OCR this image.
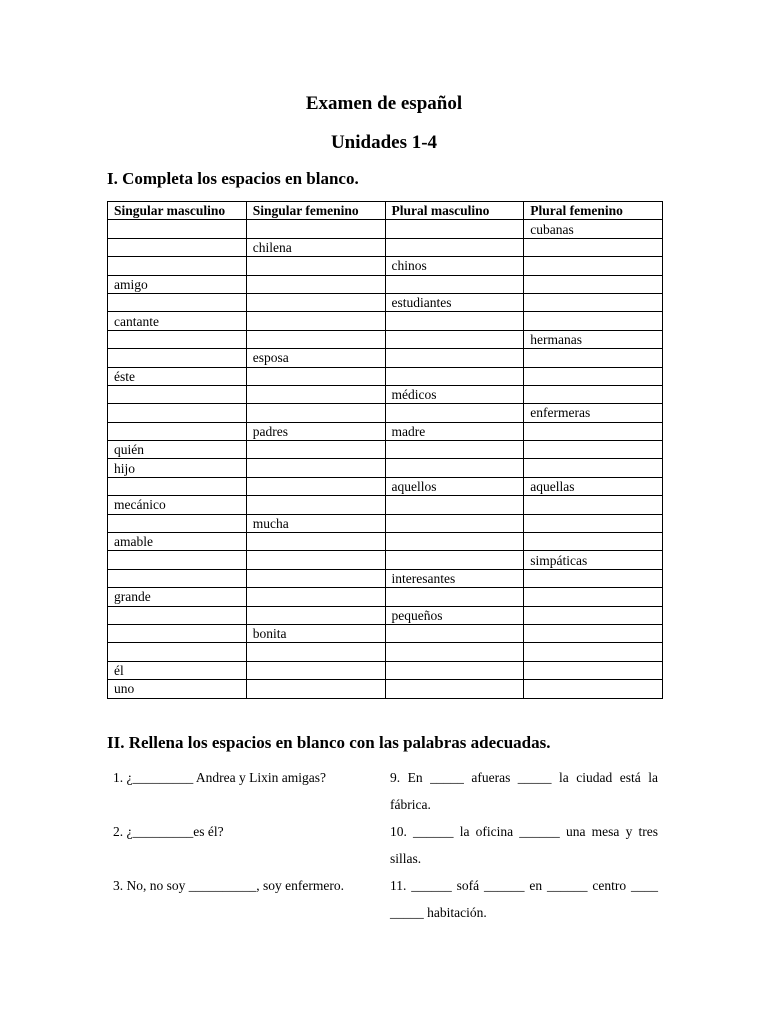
Examen de español
Unidades 1-4
I. Completa los espacios en blanco.
Singular masculino	Singular femenino	Plural masculino	Plural femenino
			cubanas
	chilena		
		chinos	
amigo			
		estudiantes	
cantante			
			hermanas
	esposa		
éste			
		médicos	
			enfermeras
	padres	madre	
quién			
hijo			
		aquellos	aquellas
mecánico			
	mucha		
amable			
			simpáticas
		interesantes	
grande			
		pequeños	
	bonita		

él			
uno			
II. Rellena los espacios en blanco con las palabras adecuadas.
1. ¿_________ Andrea y Lixin amigas?	9. En _____ afueras _____ la ciudad está la fábrica.
2. ¿_________es él?	10. ______ la oficina ______ una mesa y tres sillas.
3. No, no soy __________, soy enfermero.	11. ______ sofá ______ en ______ centro ____ _____ habitación.
